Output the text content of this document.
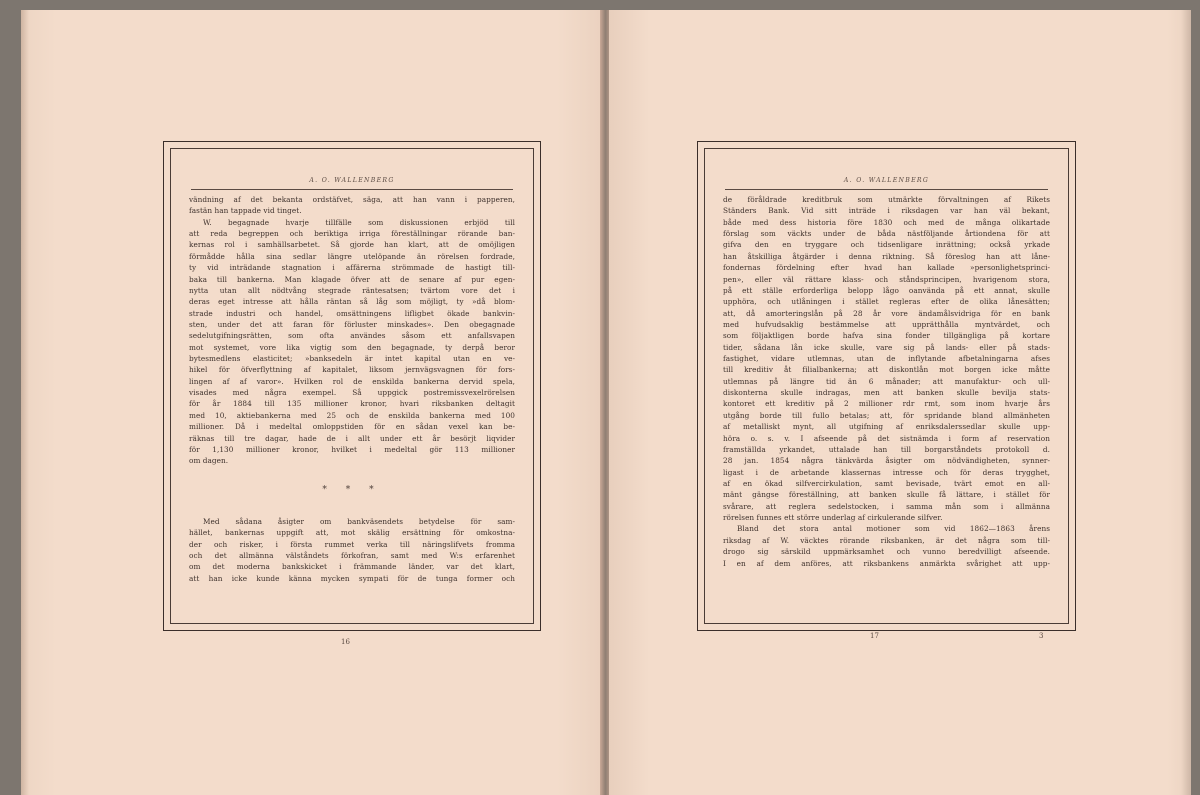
A. O. WALLENBERG
vändning af det bekanta ordstäfvet, säga, att han vann i papperen,
fastän han tappade vid tinget.
W. begagnade hvarje tillfälle som diskussionen erbjöd till
att reda begreppen och beriktiga irriga föreställningar rörande ban-
kernas rol i samhällsarbetet. Så gjorde han klart, att de omöjligen
förmådde hålla sina sedlar längre utelöpande än rörelsen fordrade,
ty vid inträdande stagnation i affärerna strömmade de hastigt till-
baka till bankerna. Man klagade öfver att de senare af pur egen-
nytta utan allt nödtvång stegrade räntesatsen; tvärtom vore det i
deras eget intresse att hålla räntan så låg som möjligt, ty »då blom-
strade industri och handel, omsättningens lifligbet ökade bankvin-
sten, under det att faran för förluster minskades». Den obegagnade
sedelutgifningsrätten, som ofta användes såsom ett anfallsvapen
mot systemet, vore lika vigtig som den begagnade, ty derpå beror
bytesmedlens elasticitet; »banksedeln är intet kapital utan en ve-
hikel för öfverflyttning af kapitalet, liksom jernvägsvagnen för fors-
lingen af af varor». Hvilken rol de enskilda bankerna dervid spela,
visades med några exempel. Så uppgick postremissvexelrörelsen
för år 1884 till 135 millioner kronor, hvari riksbanken deltagit
med 10, aktiebankerna med 25 och de enskilda bankerna med 100
millioner. Då i medeltal omloppstiden för en sådan vexel kan be-
räknas till tre dagar, hade de i allt under ett år besörjt liqvider
för 1,130 millioner kronor, hvilket i medeltal gör 113 millioner
om dagen.
* * *
Med sådana åsigter om bankväsendets betydelse för sam-
hället, bankernas uppgift att, mot skälig ersättning för omkostna-
der och risker, i första rummet verka till näringslifvets fromma
och det allmänna välståndets förkofran, samt med W:s erfarenhet
om det moderna bankskicket i främmande länder, var det klart,
att han icke kunde känna mycken sympati för de tunga former och
16
A. O. WALLENBERG
de föråldrade kreditbruk som utmärkte förvaltningen af Rikets
Ständers Bank. Vid sitt inträde i riksdagen var han väl bekant,
både med dess historia före 1830 och med de många olikartade
förslag som väckts under de båda nästföljande årtiondena för att
gifva den en tryggare och tidsenligare inrättning; också yrkade
han åtskilliga åtgärder i denna riktning. Så föreslog han att låne-
fondernas fördelning efter hvad han kallade »personlighetsprinci-
pen», eller väl rättare klass- och ståndsprincipen, hvarigenom stora,
på ett ställe erforderliga belopp lågo oanvända på ett annat, skulle
upphöra, och utlåningen i stället regleras efter de olika lånesätten;
att, då amorteringslån på 28 år vore ändamålsvidriga för en bank
med hufvudsaklig bestämmelse att upprätthålla myntvärdet, och
som följaktligen borde hafva sina fonder tillgängliga på kortare
tider, sådana lån icke skulle, vare sig på lands- eller på stads-
fastighet, vidare utlemnas, utan de inflytande afbetalningarna afses
till kreditiv åt filialbankerna; att diskontlån mot borgen icke måtte
utlemnas på längre tid än 6 månader; att manufaktur- och ull-
diskonterna skulle indragas, men att banken skulle bevilja stats-
kontoret ett kreditiv på 2 millioner rdr rmt, som inom hvarje års
utgång borde till fullo betalas; att, för spridande bland allmänheten
af metalliskt mynt, all utgifning af enriksdalerssedlar skulle upp-
höra o. s. v. I afseende på det sistnämda i form af reservation
framställda yrkandet, uttalade han till borgarståndets protokoll d.
28 jan. 1854 några tänkvärda åsigter om nödvändigheten, synner-
ligast i de arbetande klassernas intresse och för deras trygghet,
af en ökad silfvercirkulation, samt bevisade, tvärt emot en all-
mänt gängse föreställning, att banken skulle få lättare, i stället för
svårare, att reglera sedelstocken, i samma mån som i allmänna
rörelsen funnes ett större underlag af cirkulerande silfver.
Bland det stora antal motioner som vid 1862—1863 årens
riksdag af W. väcktes rörande riksbanken, är det några som till-
drogo sig särskild uppmärksamhet och vunno beredvilligt afseende.
I en af dem anföres, att riksbankens anmärkta svårighet att upp-
17	3
